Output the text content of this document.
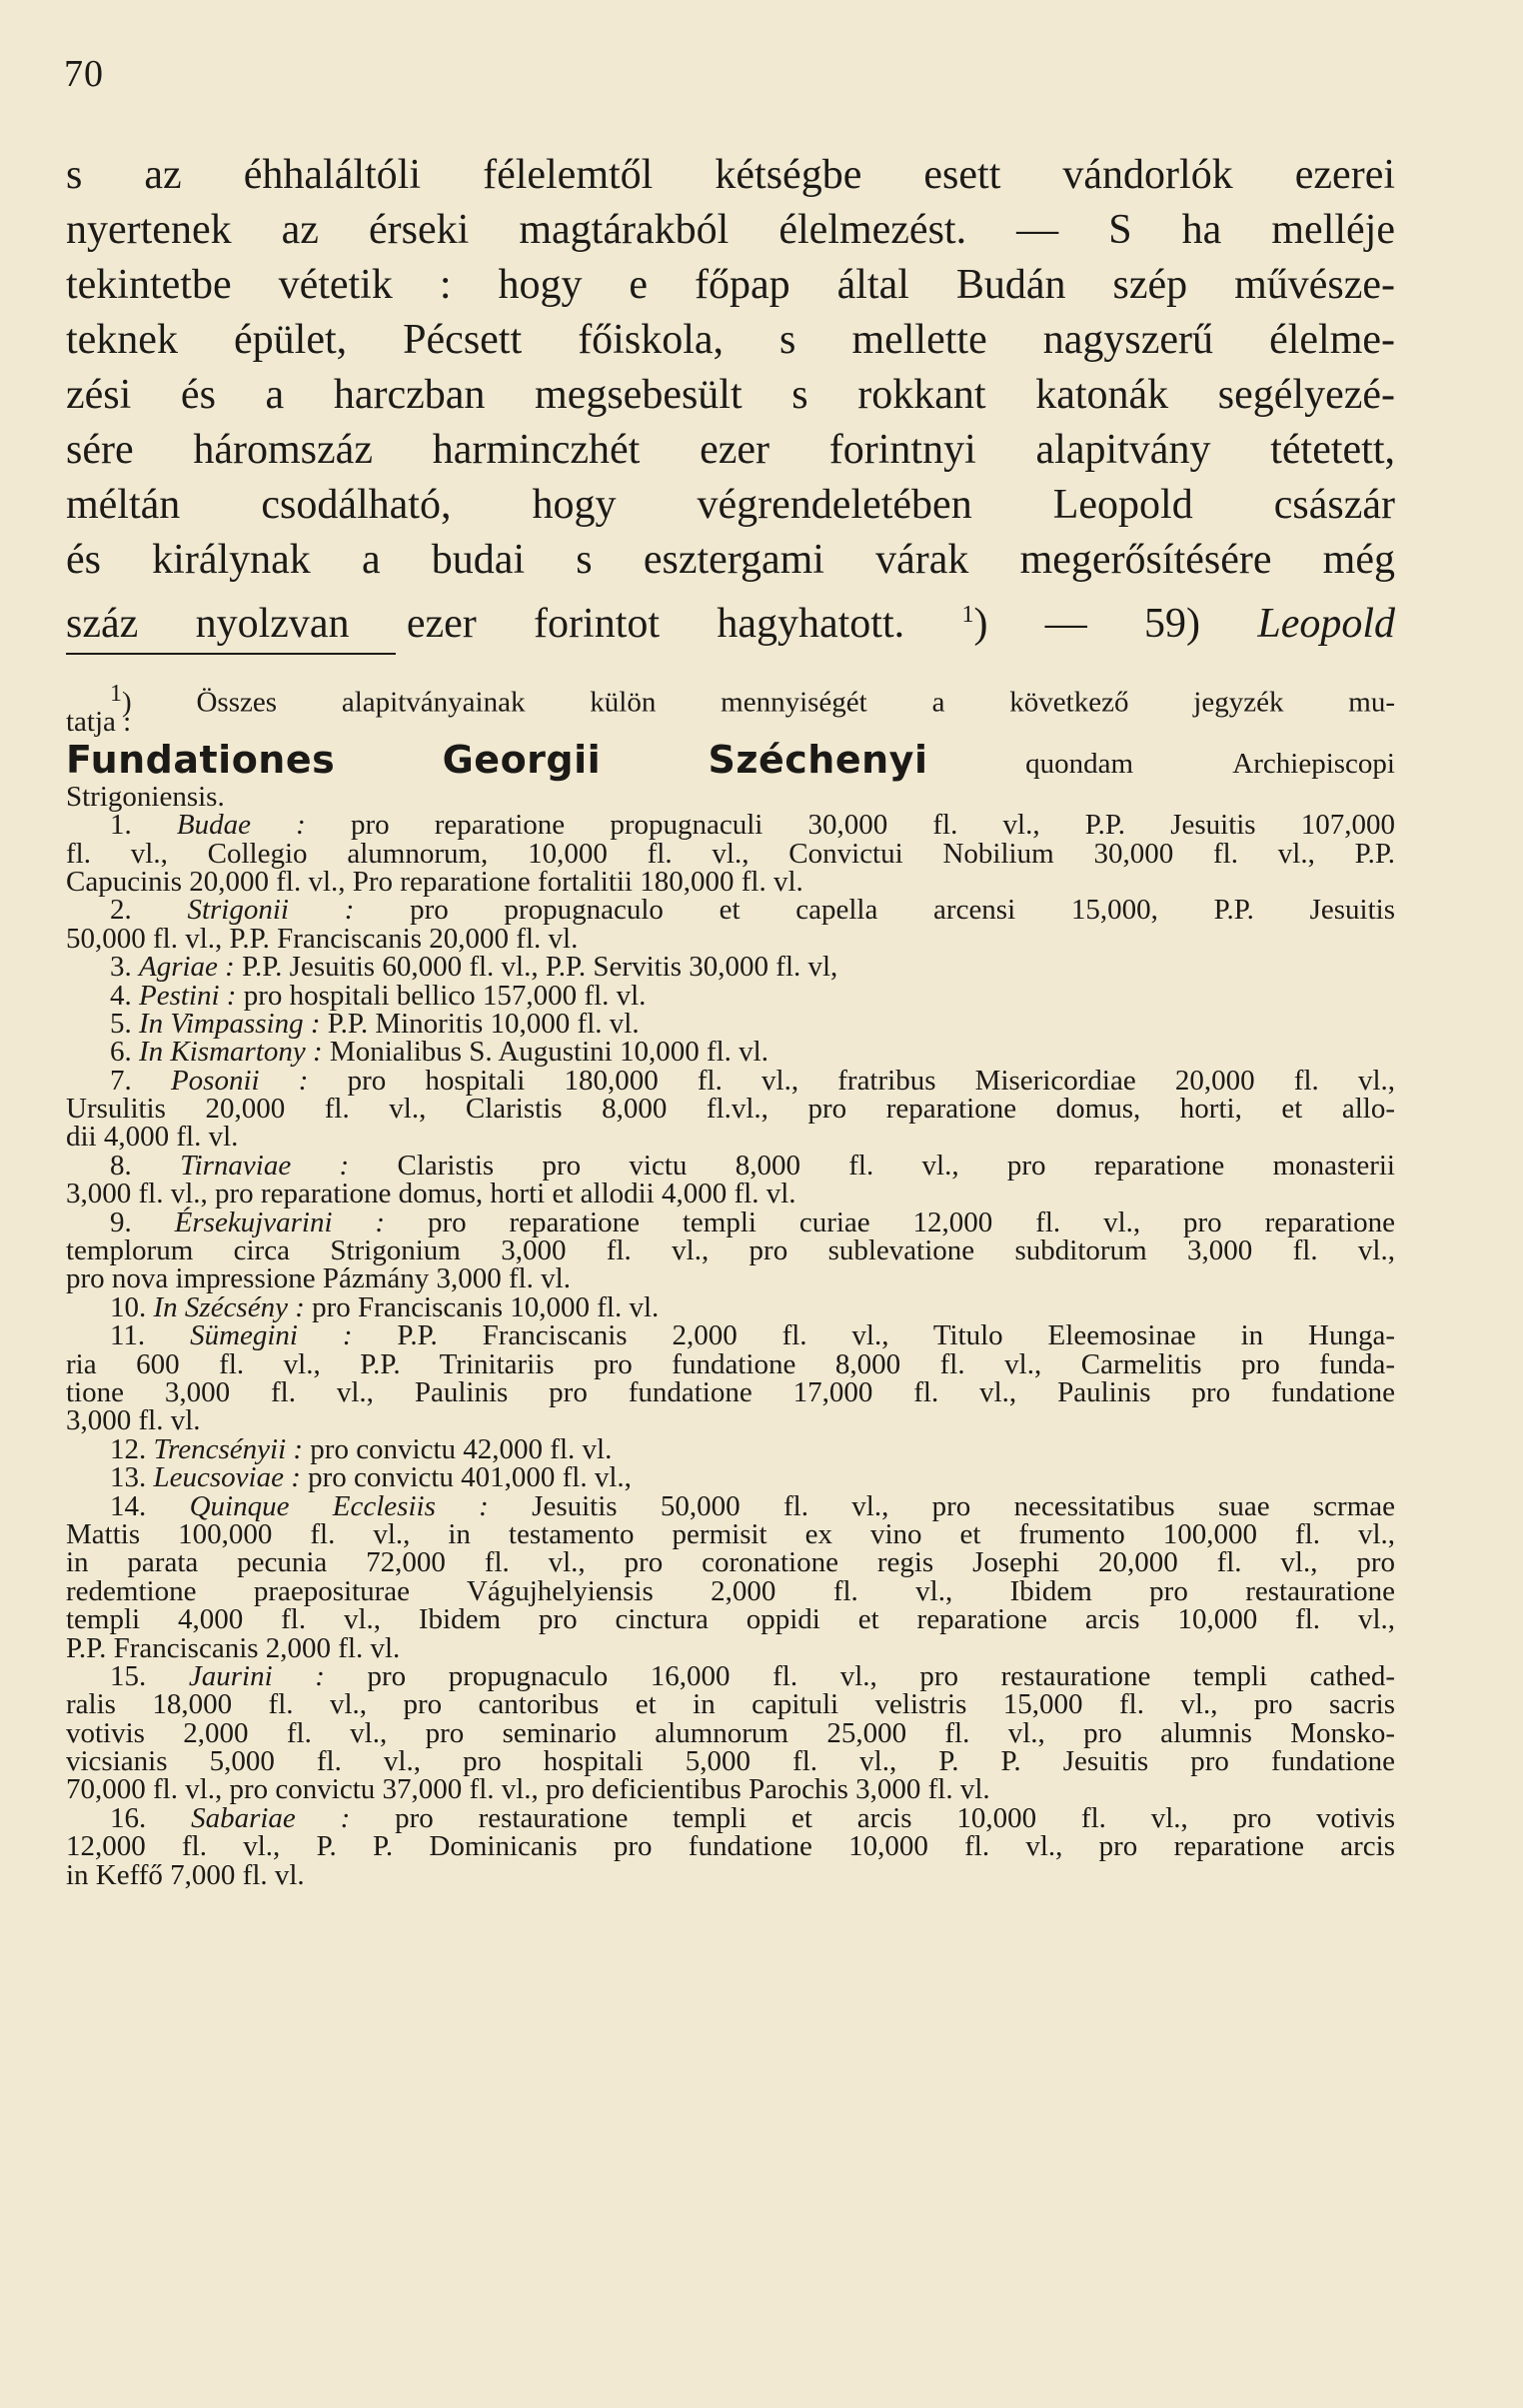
70
s az éhhaláltóli félelemtől kétségbe esett vándorlók ezerei
nyertenek az érseki magtárakból élelmezést. — S ha melléje
tekintetbe vétetik : hogy e főpap által Budán szép művésze-
teknek épület, Pécsett főiskola, s mellette nagyszerű élelme-
zési és a harczban megsebesült s rokkant katonák segélyezé-
sére háromszáz harminczhét ezer forintnyi alapitvány tétetett,
méltán csodálható, hogy végrendeletében Leopold császár
és királynak a budai s esztergami várak megerősítésére még
száz nyolzvan ezer forintot hagyhatott. $^1$) — 59) Leopold
$^1$) Összes alapitványainak külön mennyiségét a következő jegyzék mu-
tatja :
Fundationes Georgii Széchenyi	quondam Archiepiscopi
Strigoniensis.
1. Budae : pro reparatione propugnaculi 30,000 fl. vl., P.P. Jesuitis 107,000
fl. vl., Collegio alumnorum, 10,000 fl. vl., Convictui Nobilium 30,000 fl. vl., P.P.
Capucinis 20,000 fl. vl., Pro reparatione fortalitii 180,000 fl. vl.
2. Strigonii : pro propugnaculo et capella arcensi 15,000, P.P. Jesuitis
50,000 fl. vl., P.P. Franciscanis 20,000 fl. vl.
3. Agriae : P.P. Jesuitis 60,000 fl. vl., P.P. Servitis 30,000 fl. vl,
4. Pestini : pro hospitali bellico 157,000 fl. vl.
5. In Vimpassing : P.P. Minoritis 10,000 fl. vl.
6. In Kismartony : Monialibus S. Augustini 10,000 fl. vl.
7. Posonii : pro hospitali 180,000 fl. vl., fratribus Misericordiae 20,000 fl. vl.,
Ursulitis 20,000 fl. vl., Claristis 8,000 fl.vl., pro reparatione domus, horti, et allo-
dii 4,000 fl. vl.
8. Tirnaviae : Claristis pro victu 8,000 fl. vl., pro reparatione monasterii
3,000 fl. vl., pro reparatione domus, horti et allodii 4,000 fl. vl.
9. Érsekujvarini : pro reparatione templi curiae 12,000 fl. vl., pro reparatione
templorum circa Strigonium 3,000 fl. vl., pro sublevatione subditorum 3,000 fl. vl.,
pro nova impressione Pázmány 3,000 fl. vl.
10. In Szécsény : pro Franciscanis 10,000 fl. vl.
11. Sümegini : P.P. Franciscanis 2,000 fl. vl., Titulo Eleemosinae in Hunga-
ria 600 fl. vl., P.P. Trinitariis pro fundatione 8,000 fl. vl., Carmelitis pro funda-
tione 3,000 fl. vl., Paulinis pro fundatione 17,000 fl. vl., Paulinis pro fundatione
3,000 fl. vl.
12. Trencsényii : pro convictu 42,000 fl. vl.
13. Leucsoviae : pro convictu 401,000 fl. vl.,
14. Quinque Ecclesiis : Jesuitis 50,000 fl. vl., pro necessitatibus suae scrmae
Mattis 100,000 fl. vl., in testamento permisit ex vino et frumento 100,000 fl. vl.,
in parata pecunia 72,000 fl. vl., pro coronatione regis Josephi 20,000 fl. vl., pro
redemtione praepositurae Vágujhelyiensis 2,000 fl. vl., Ibidem pro restauratione
templi 4,000 fl. vl., Ibidem pro cinctura oppidi et reparatione arcis 10,000 fl. vl.,
P.P. Franciscanis 2,000 fl. vl.
15. Jaurini : pro propugnaculo 16,000 fl. vl., pro restauratione templi cathed-
ralis 18,000 fl. vl., pro cantoribus et in capituli velistris 15,000 fl. vl., pro sacris
votivis 2,000 fl. vl., pro seminario alumnorum 25,000 fl. vl., pro alumnis Monsko-
vicsianis 5,000 fl. vl., pro hospitali 5,000 fl. vl., P. P. Jesuitis pro fundatione
70,000 fl. vl., pro convictu 37,000 fl. vl., pro deficientibus Parochis 3,000 fl. vl.
16. Sabariae : pro restauratione templi et arcis 10,000 fl. vl., pro votivis
12,000 fl. vl., P. P. Dominicanis pro fundatione 10,000 fl. vl., pro reparatione arcis
in Keffő 7,000 fl. vl.
